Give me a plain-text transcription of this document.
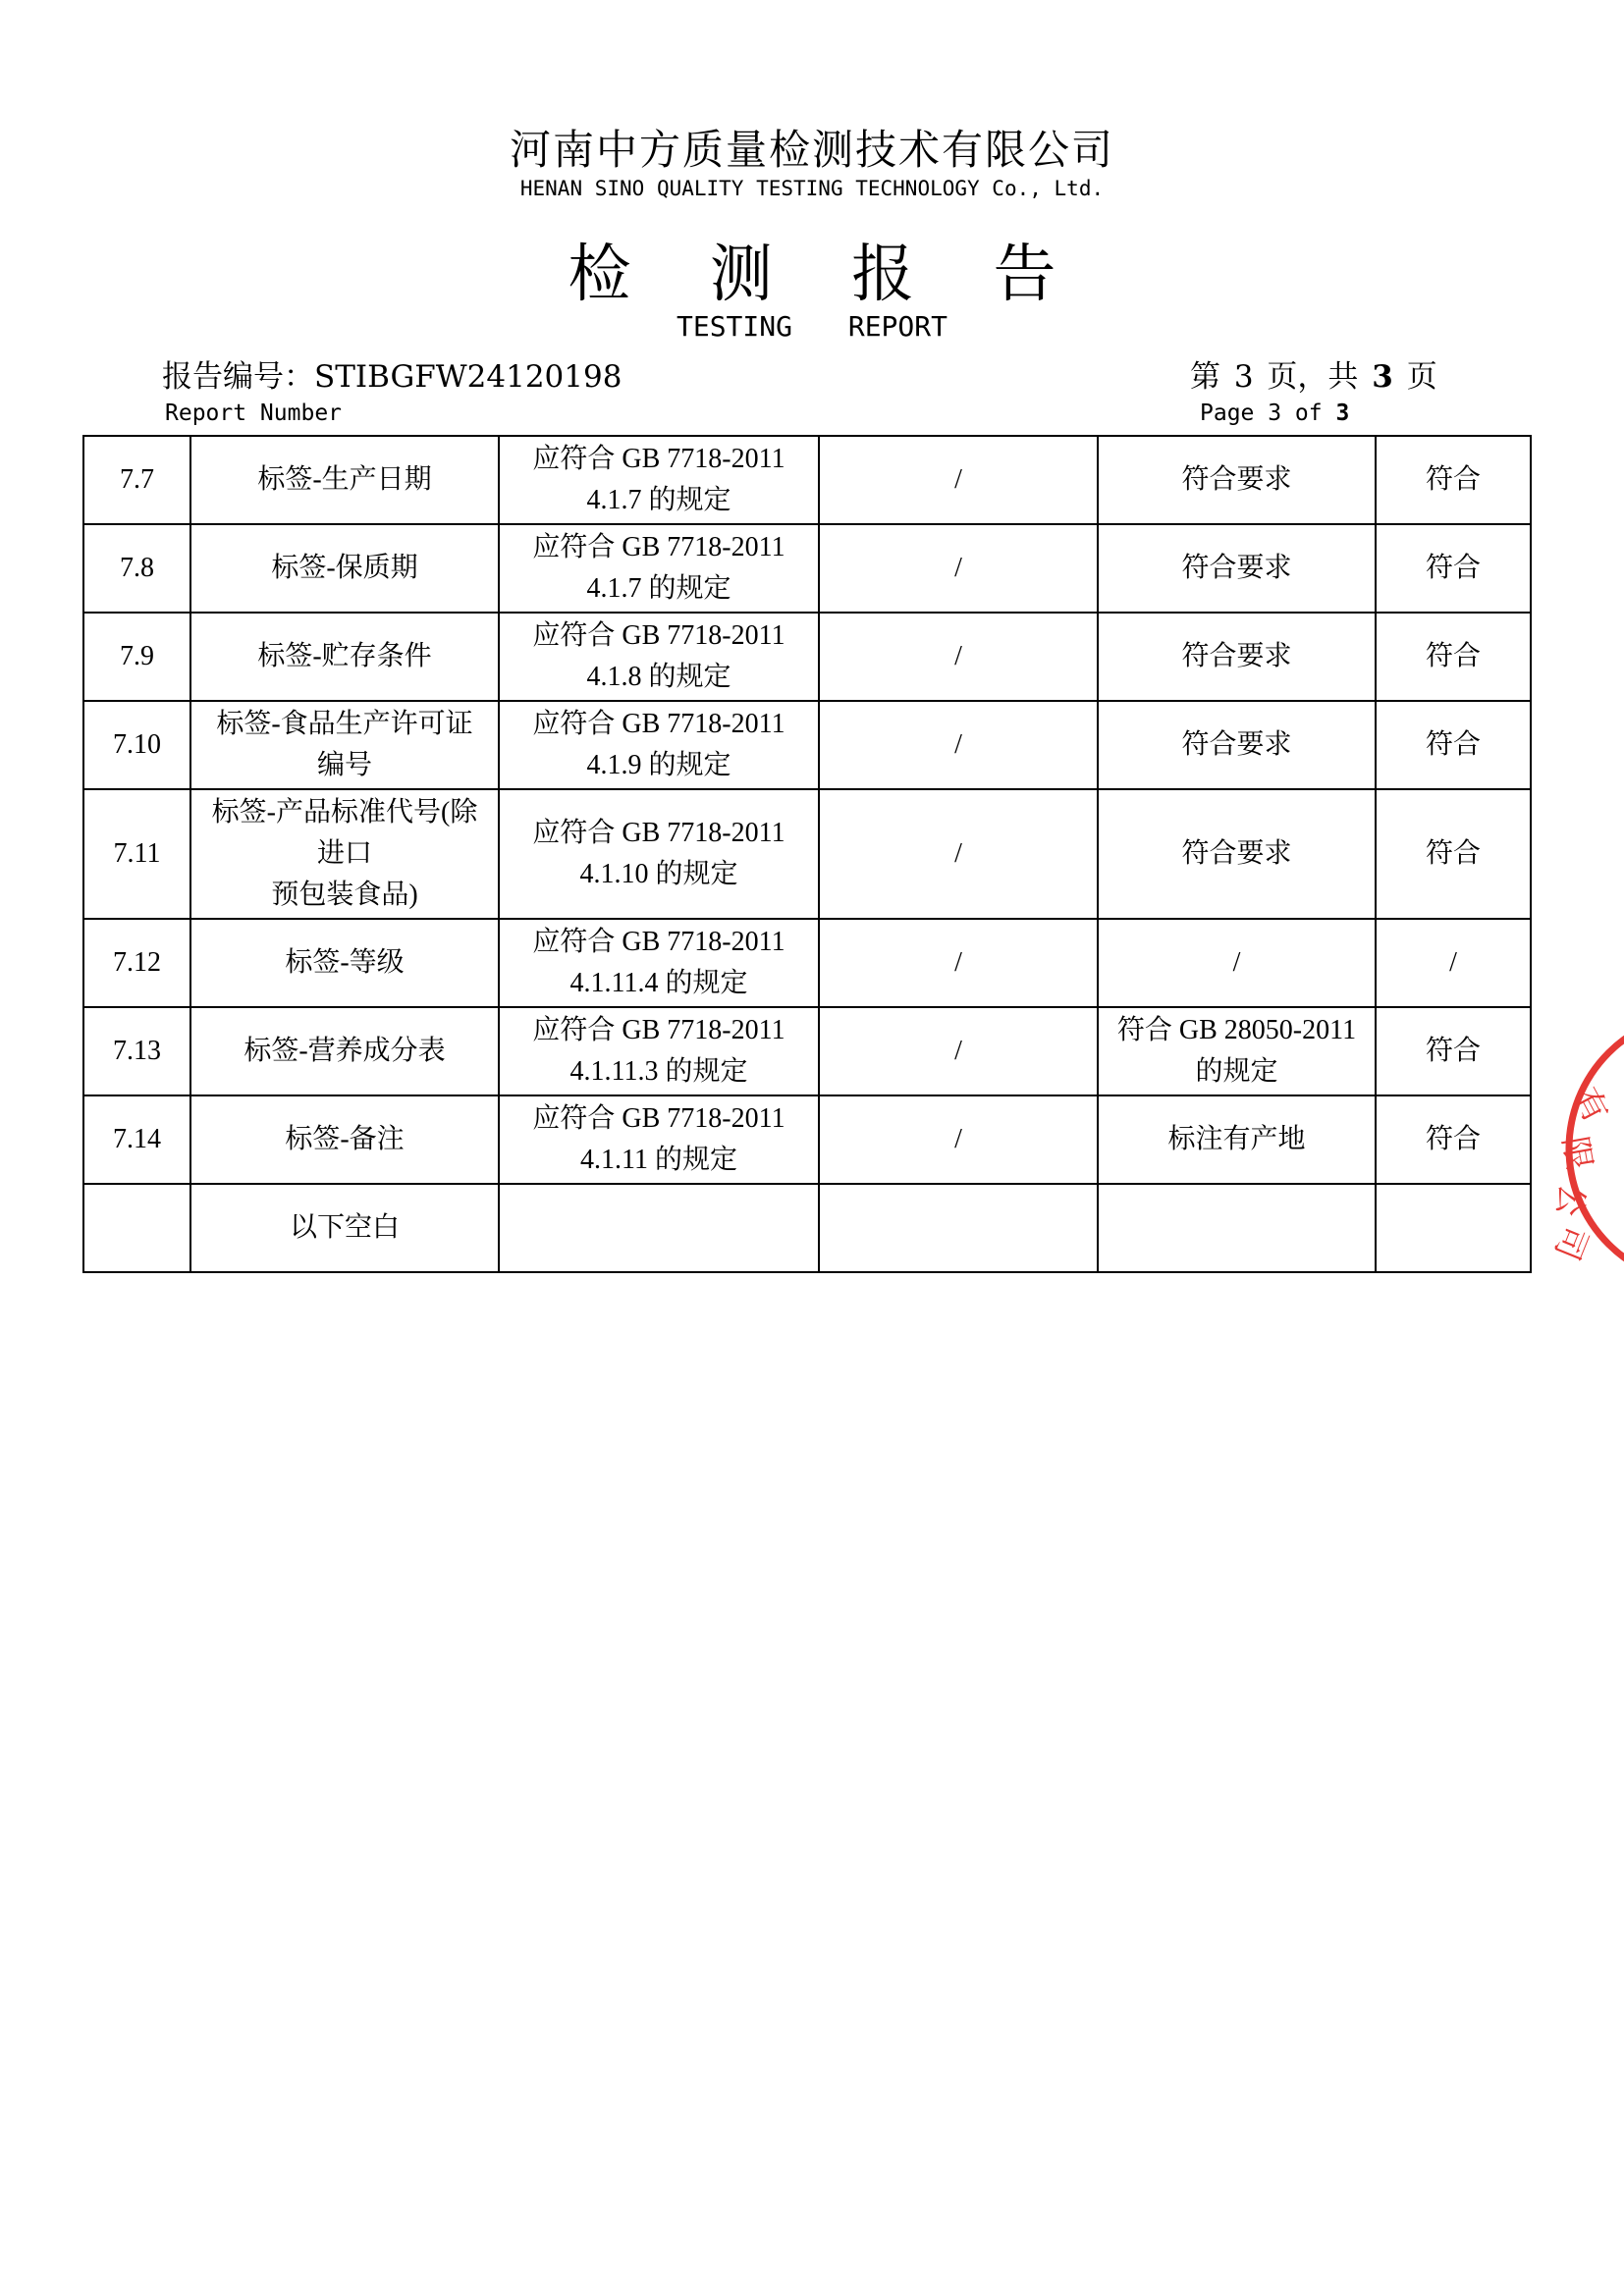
河南中方质量检测技术有限公司
HENAN SINO QUALITY TESTING TECHNOLOGY Co., Ltd.
检 测 报 告
TESTING REPORT
报告编号：STIBGFW24120198
Report Number
第 3 页，共 3 页
Page 3 of 3
7.7	标签-生产日期	应符合 GB 7718-2011
4.1.7 的规定	/	符合要求	符合
7.8	标签-保质期	应符合 GB 7718-2011
4.1.7 的规定	/	符合要求	符合
7.9	标签-贮存条件	应符合 GB 7718-2011
4.1.8 的规定	/	符合要求	符合
7.10	标签-食品生产许可证
编号	应符合 GB 7718-2011
4.1.9 的规定	/	符合要求	符合
7.11	标签-产品标准代号(除
进口
预包装食品)	应符合 GB 7718-2011
4.1.10 的规定	/	符合要求	符合
7.12	标签-等级	应符合 GB 7718-2011
4.1.11.4 的规定	/	/	/
7.13	标签-营养成分表	应符合 GB 7718-2011
4.1.11.3 的规定	/	符合 GB 28050-2011
的规定	符合
7.14	标签-备注	应符合 GB 7718-2011
4.1.11 的规定	/	标注有产地	符合
	以下空白				
有
限
公
司
